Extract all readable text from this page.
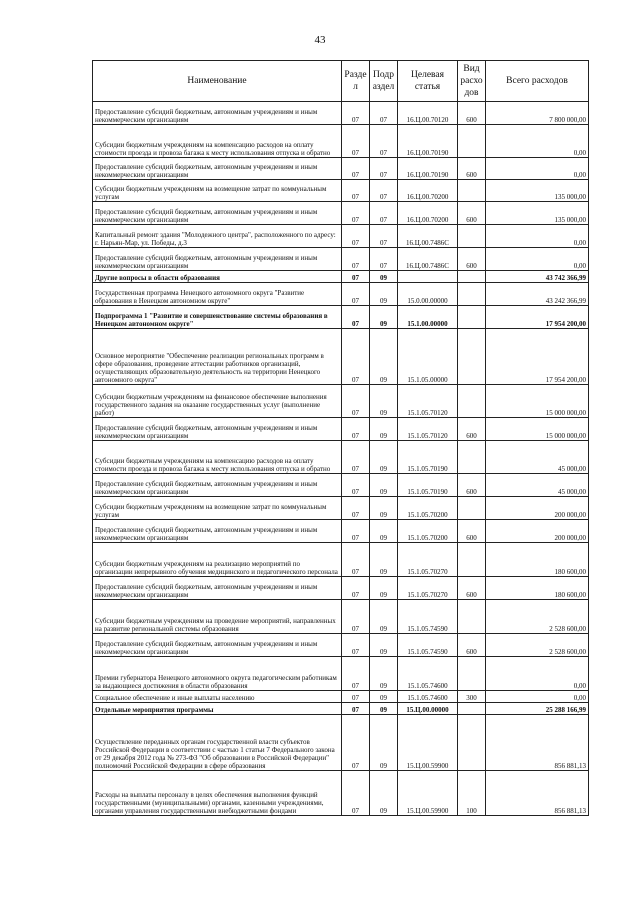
43
Наименование	Разде л	Подр аздел	Целевая статья	Вид расхо дов	Всего расходов
Предоставление субсидий бюджетным, автономным учреждениям и иным некоммерческим организациям	07	07	16.Ц.00.70120	600	7 800 000,00
Субсидии бюджетным учреждениям на компенсацию расходов на оплату стоимости проезда и провоза багажа к месту использования отпуска и обратно	07	07	16.Ц.00.70190		0,00
Предоставление субсидий бюджетным, автономным учреждениям и иным некоммерческим организациям	07	07	16.Ц.00.70190	600	0,00
Субсидии бюджетным учреждениям на возмещение затрат по коммунальным услугам	07	07	16.Ц.00.70200		135 000,00
Предоставление субсидий бюджетным, автономным учреждениям и иным некоммерческим организациям	07	07	16.Ц.00.70200	600	135 000,00
Капитальный ремонт здания "Молодежного центра", расположенного по адресу: г. Нарьян-Мар, ул. Победы, д.3	07	07	16.Ц.00.7486С		0,00
Предоставление субсидий бюджетным, автономным учреждениям и иным некоммерческим организациям	07	07	16.Ц.00.7486С	600	0,00
Другие вопросы в области образования	07	09			43 742 366,99
Государственная программа Ненецкого автономного округа "Развитие образования в Ненецком автономном округе"	07	09	15.0.00.00000		43 242 366,99
Подпрограмма 1 "Развитие и совершенствование системы образования в Ненецком автономном округе"	07	09	15.1.00.00000		17 954 200,00
Основное мероприятие "Обеспечение реализации региональных программ в сфере образования, проведение аттестации работников организаций, осуществляющих образовательную деятельность на территории Ненецкого автономного округа"	07	09	15.1.05.00000		17 954 200,00
Субсидии бюджетным учреждениям на финансовое обеспечение выполнения государственного задания на оказание государственных услуг (выполнение работ)	07	09	15.1.05.70120		15 000 000,00
Предоставление субсидий бюджетным, автономным учреждениям и иным некоммерческим организациям	07	09	15.1.05.70120	600	15 000 000,00
Субсидии бюджетным учреждениям на компенсацию расходов на оплату стоимости проезда и провоза багажа к месту использования отпуска и обратно	07	09	15.1.05.70190		45 000,00
Предоставление субсидий бюджетным, автономным учреждениям и иным некоммерческим организациям	07	09	15.1.05.70190	600	45 000,00
Субсидии бюджетным учреждениям на возмещение затрат по коммунальным услугам	07	09	15.1.05.70200		200 000,00
Предоставление субсидий бюджетным, автономным учреждениям и иным некоммерческим организациям	07	09	15.1.05.70200	600	200 000,00
Субсидии бюджетным учреждениям на реализацию мероприятий по организации непрерывного обучения медицинского и педагогического персонала	07	09	15.1.05.70270		180 600,00
Предоставление субсидий бюджетным, автономным учреждениям и иным некоммерческим организациям	07	09	15.1.05.70270	600	180 600,00
Субсидии бюджетным учреждениям на проведение мероприятий, направленных на развитие региональной системы образования	07	09	15.1.05.74590		2 528 600,00
Предоставление субсидий бюджетным, автономным учреждениям и иным некоммерческим организациям	07	09	15.1.05.74590	600	2 528 600,00
Премии губернатора Ненецкого автономного округа педагогическим работникам за выдающиеся достижения в области образования	07	09	15.1.05.74600		0,00
Социальное обеспечение и иные выплаты населению	07	09	15.1.05.74600	300	0,00
Отдельные мероприятия программы	07	09	15.Ц.00.00000		25 288 166,99
Осуществление переданных органам государственной власти субъектов Российской Федерации в соответствии с частью 1 статьи 7 Федерального закона от 29 декабря 2012 года № 273-ФЗ "Об образовании в Российской Федерации" полномочий Российской Федерации в сфере образования	07	09	15.Ц.00.59900		856 881,13
Расходы на выплаты персоналу в целях обеспечения выполнения функций государственными (муниципальными) органами, казенными учреждениями, органами управления государственными внебюджетными фондами	07	09	15.Ц.00.59900	100	856 881,13
